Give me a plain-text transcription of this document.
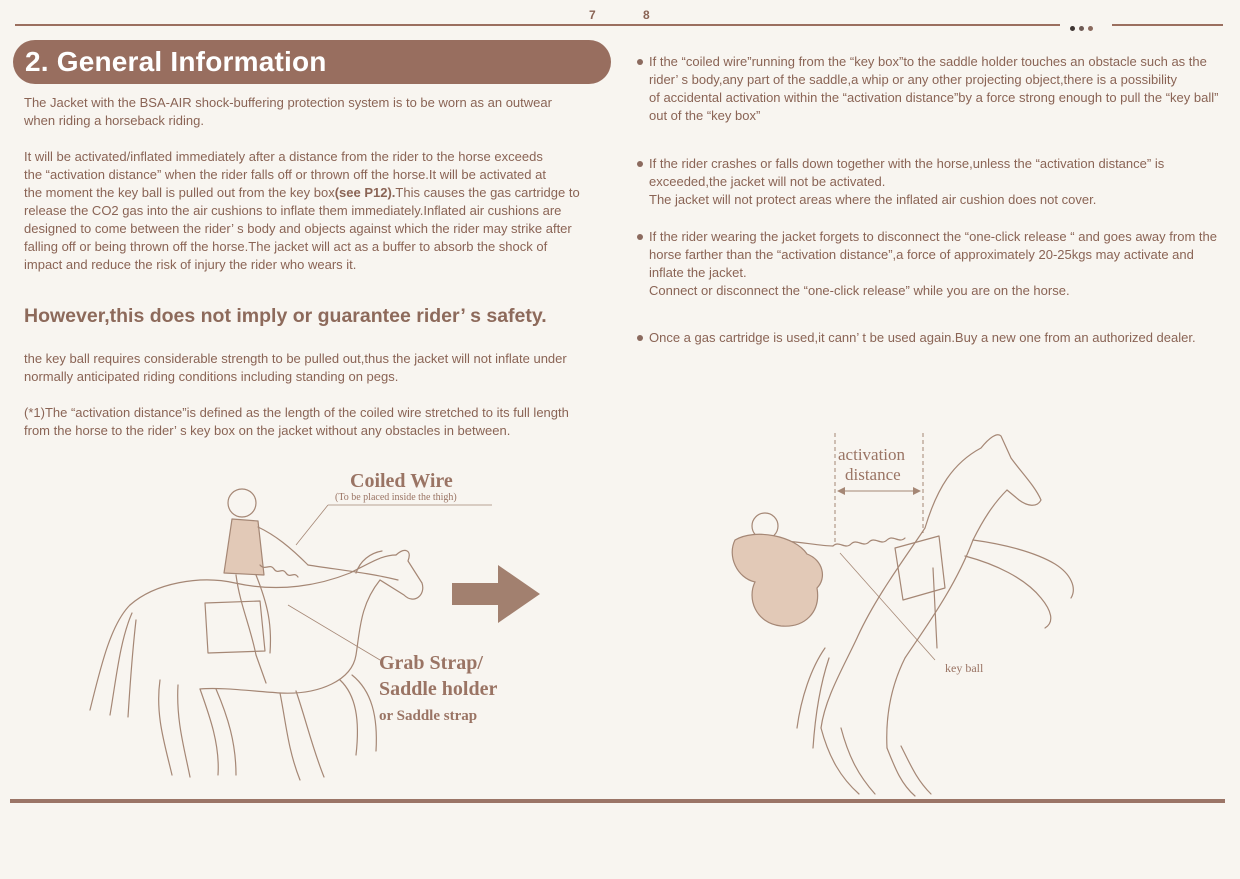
7	8
2. General Information
The Jacket with the BSA-AIR shock-buffering protection system is to be worn as an outwear
when riding a horseback riding.
It will be activated/inflated immediately after a distance from the rider to the horse exceeds
the “activation distance” when the rider falls off or thrown off the horse.It will be activated at
the moment the key ball is pulled out from the key box(see P12).This causes the gas cartridge to
release the CO2 gas into the air cushions to inflate them immediately.Inflated air cushions are
designed to come between the rider’ s body and objects against which the rider may strike after
falling off or being thrown off the horse.The jacket will act as a buffer to absorb the shock of
impact and reduce the risk of injury the rider who wears it.
However,this does not imply or guarantee rider’ s safety.
the key ball requires considerable strength to be pulled out,thus the jacket will not inflate under
normally anticipated riding conditions including standing on pegs.
(*1)The “activation distance”is defined as the length of the coiled wire stretched to its full length
from the horse to the rider’ s key box on the jacket without any obstacles in between.
If the “coiled wire”running from the “key box”to the saddle holder touches an obstacle such as the
rider’ s body,any part of the saddle,a whip or any other projecting object,there is a possibility
of accidental activation within the “activation distance”by a force strong enough to pull the “key ball”
out of the “key box”
If the rider crashes or falls down together with the horse,unless the “activation distance” is
exceeded,the jacket will not be activated.
The jacket will not protect areas where the inflated air cushion does not cover.
If the rider wearing the jacket forgets to disconnect the “one-click release “ and goes away from the
horse farther than the “activation distance”,a force of approximately 20-25kgs may activate and
inflate the jacket.
Connect or disconnect the “one-click release” while you are on the horse.
Once a gas cartridge is used,it cann’ t be used again.Buy a new one from an authorized dealer.
Coiled Wire
(To be placed inside the thigh)
Grab Strap/
Saddle holder
or Saddle strap
activation
distance
key ball
